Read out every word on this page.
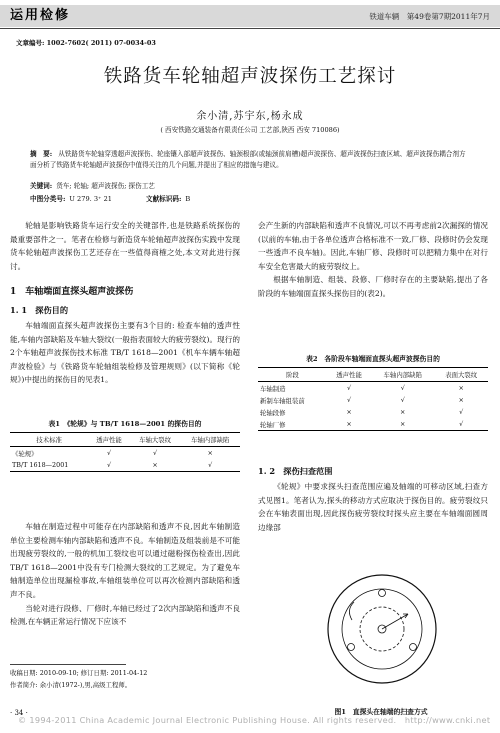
运用检修	铁道车辆　第49卷第7期2011年7月
文章编号: 1002-7602( 2011) 07-0034-03
铁路货车轮轴超声波探伤工艺探讨
余小清,苏宇东,杨永成
( 西安铁路交通装备有限责任公司 工艺部,陕西 西安 710086)
摘　要: 从铁路货车轮轴穿透超声波探伤、轮座镶入部超声波探伤、轴颈根部(或轴颈前肩槽)超声波探伤、超声波探伤扫查区域、超声波探伤耦合剂方面分析了铁路货车轮轴超声波探伤中值得关注的几个问题,并提出了相应的措施与建议。
关键词: 货车; 轮轴; 超声波探伤; 探伤工艺
中图分类号: U 279. 3⁺ 21	文献标识码: B

轮轴是影响铁路货车运行安全的关键部件,也是铁路系统探伤的最重要部件之一。笔者在检修与新造货车轮轴超声波探伤实践中发现货车轮轴超声波探伤工艺还存在一些值得商榷之处,本文对此进行探讨。

1　车轴端面直探头超声波探伤
1. 1　探伤目的

车轴端面直探头超声波探伤主要有3个目的: 检查车轴的透声性能,车轴内部缺陷及车轴大裂纹(一般指表面较大的疲劳裂纹)。现行的2个车轴超声波探伤技术标准 TB/T 1618—2001《机车车辆车轴超声波检验》与《铁路货车轮轴组装检修及管理规则》(以下简称《轮规》)中提出的探伤目的见表1。

表1　《轮规》与 TB/T 1618—2001 的探伤目的
技术标准	透声性能	车轴大裂纹	车轴内部缺陷
《轮规》	√	√	×
TB/T 1618—2001	√	×	√

车轴在制造过程中可能存在内部缺陷和透声不良,因此车轴制造单位主要检测车轴内部缺陷和透声不良。车轴制造及组装前是不可能出现疲劳裂纹的,一般的机加工裂纹也可以通过磁粉探伤检查出,因此 TB/T 1618—2001中没有专门检测大裂纹的工艺规定。为了避免车轴制造单位出现漏检事故,车轴组装单位可以再次检测内部缺陷和透声不良。

当轮对进行段修、厂修时,车轴已经过了2次内部缺陷和透声不良检测,在车辆正常运行情况下应该不

收稿日期: 2010-09-10; 修订日期: 2011-04-12
作者简介: 余小清(1972-),男,高级工程师。
· 34 ·

会产生新的内部缺陷和透声不良情况,可以不再考虑前2次漏探的情况(以前的车轴,由于各单位透声合格标准不一致,厂修、段修时仍会发现一些透声不良车轴)。因此,车轴厂修、段修时可以把精力集中在对行车安全危害最大的疲劳裂纹上。

根据车轴制造、组装、段修、厂修时存在的主要缺陷,提出了各阶段的车轴端面直探头探伤目的(表2)。

表2　各阶段车轴端面直探头超声波探伤目的
阶段	透声性能	车轴内部缺陷	表面大裂纹
车轴制造	√	√	×
新制车轴组装前	√	√	×
轮轴段修	×	×	√
轮轴厂修	×	×	√
1. 2　探伤扫查范围

《轮规》中要求探头扫查范围应遍及轴端的可移动区域,扫查方式见图1。笔者认为,探头的移动方式应取决于探伤目的。疲劳裂纹只会在车轴表面出现,因此探伤疲劳裂纹时探头应主要在车轴端面圆周边缘部

图1　直探头在轴端的扫查方式
© 1994-2011 China Academic Journal Electronic Publishing House. All rights reserved.　http://www.cnki.net
